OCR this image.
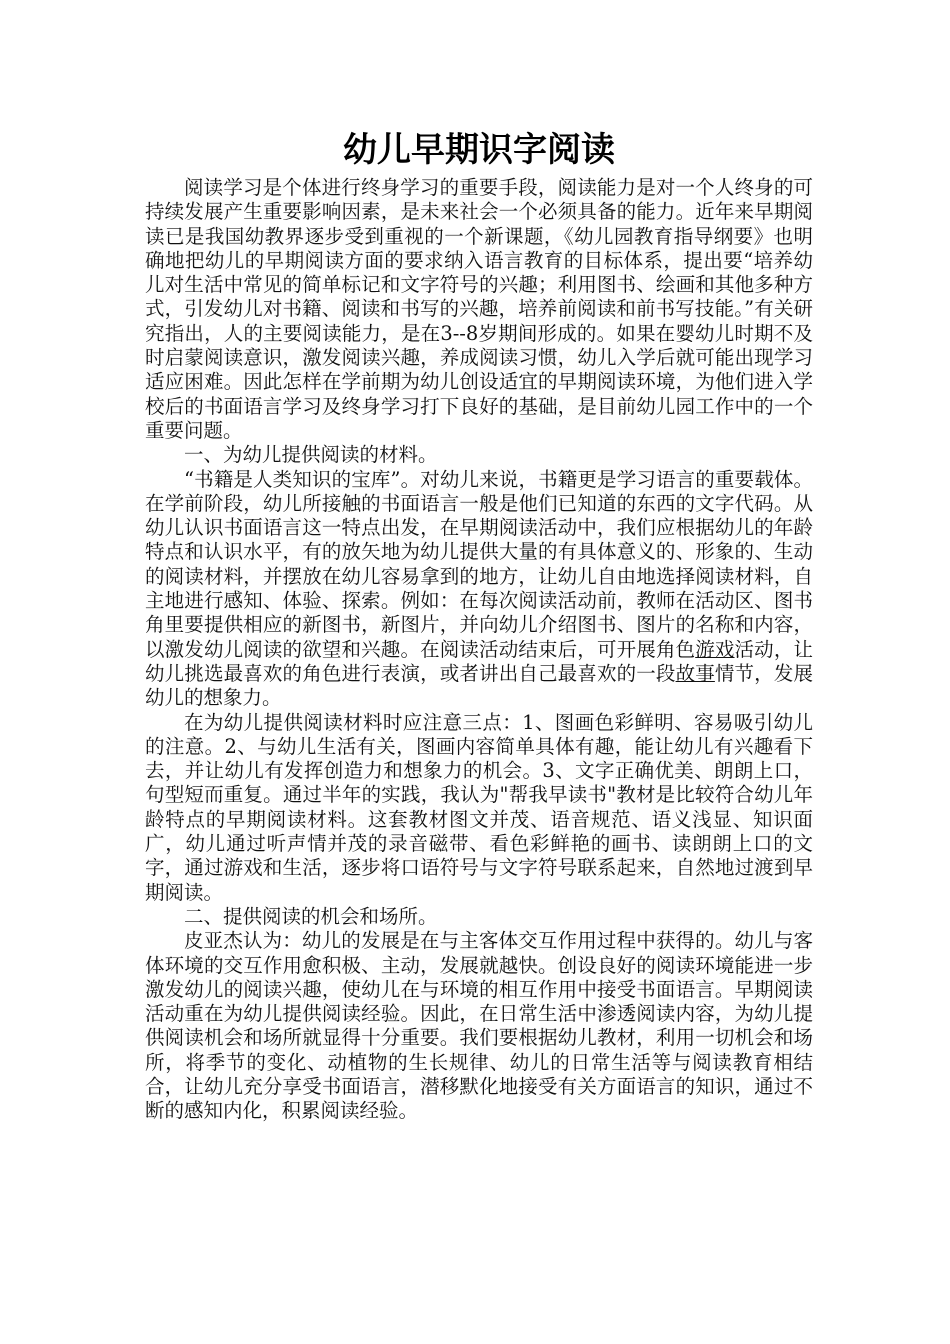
幼儿早期识字阅读

阅读学习是个体进行终身学习的重要手段，阅读能力是对一个人终身的可持续发展产生重要影响因素，是未来社会一个必须具备的能力。近年来早期阅读已是我国幼教界逐步受到重视的一个新课题，《幼儿园教育指导纲要》也明确地把幼儿的早期阅读方面的要求纳入语言教育的目标体系，提出要“培养幼儿对生活中常见的简单标记和文字符号的兴趣；利用图书、绘画和其他多种方式，引发幼儿对书籍、阅读和书写的兴趣，培养前阅读和前书写技能。”有关研究指出，人的主要阅读能力，是在3--8岁期间形成的。如果在婴幼儿时期不及时启蒙阅读意识，激发阅读兴趣，养成阅读习惯，幼儿入学后就可能出现学习适应困难。因此怎样在学前期为幼儿创设适宜的早期阅读环境，为他们进入学校后的书面语言学习及终身学习打下良好的基础，是目前幼儿园工作中的一个重要问题。

一、为幼儿提供阅读的材料。

“书籍是人类知识的宝库”。对幼儿来说，书籍更是学习语言的重要载体。在学前阶段，幼儿所接触的书面语言一般是他们已知道的东西的文字代码。从幼儿认识书面语言这一特点出发，在早期阅读活动中，我们应根据幼儿的年龄特点和认识水平，有的放矢地为幼儿提供大量的有具体意义的、形象的、生动的阅读材料，并摆放在幼儿容易拿到的地方，让幼儿自由地选择阅读材料，自主地进行感知、体验、探索。例如：在每次阅读活动前，教师在活动区、图书角里要提供相应的新图书，新图片，并向幼儿介绍图书、图片的名称和内容，以激发幼儿阅读的欲望和兴趣。在阅读活动结束后，可开展角色游戏活动，让幼儿挑选最喜欢的角色进行表演，或者讲出自己最喜欢的一段故事情节，发展幼儿的想象力。

在为幼儿提供阅读材料时应注意三点：1、图画色彩鲜明、容易吸引幼儿的注意。2、与幼儿生活有关，图画内容简单具体有趣，能让幼儿有兴趣看下去，并让幼儿有发挥创造力和想象力的机会。3、文字正确优美、朗朗上口，句型短而重复。通过半年的实践，我认为"帮我早读书"教材是比较符合幼儿年龄特点的早期阅读材料。这套教材图文并茂、语音规范、语义浅显、知识面广，幼儿通过听声情并茂的录音磁带、看色彩鲜艳的画书、读朗朗上口的文字，通过游戏和生活，逐步将口语符号与文字符号联系起来，自然地过渡到早期阅读。

二、提供阅读的机会和场所。

皮亚杰认为：幼儿的发展是在与主客体交互作用过程中获得的。幼儿与客体环境的交互作用愈积极、主动，发展就越快。创设良好的阅读环境能进一步激发幼儿的阅读兴趣，使幼儿在与环境的相互作用中接受书面语言。早期阅读活动重在为幼儿提供阅读经验。因此，在日常生活中渗透阅读内容，为幼儿提供阅读机会和场所就显得十分重要。我们要根据幼儿教材，利用一切机会和场所，将季节的变化、动植物的生长规律、幼儿的日常生活等与阅读教育相结合，让幼儿充分享受书面语言，潜移默化地接受有关方面语言的知识，通过不断的感知内化，积累阅读经验。
